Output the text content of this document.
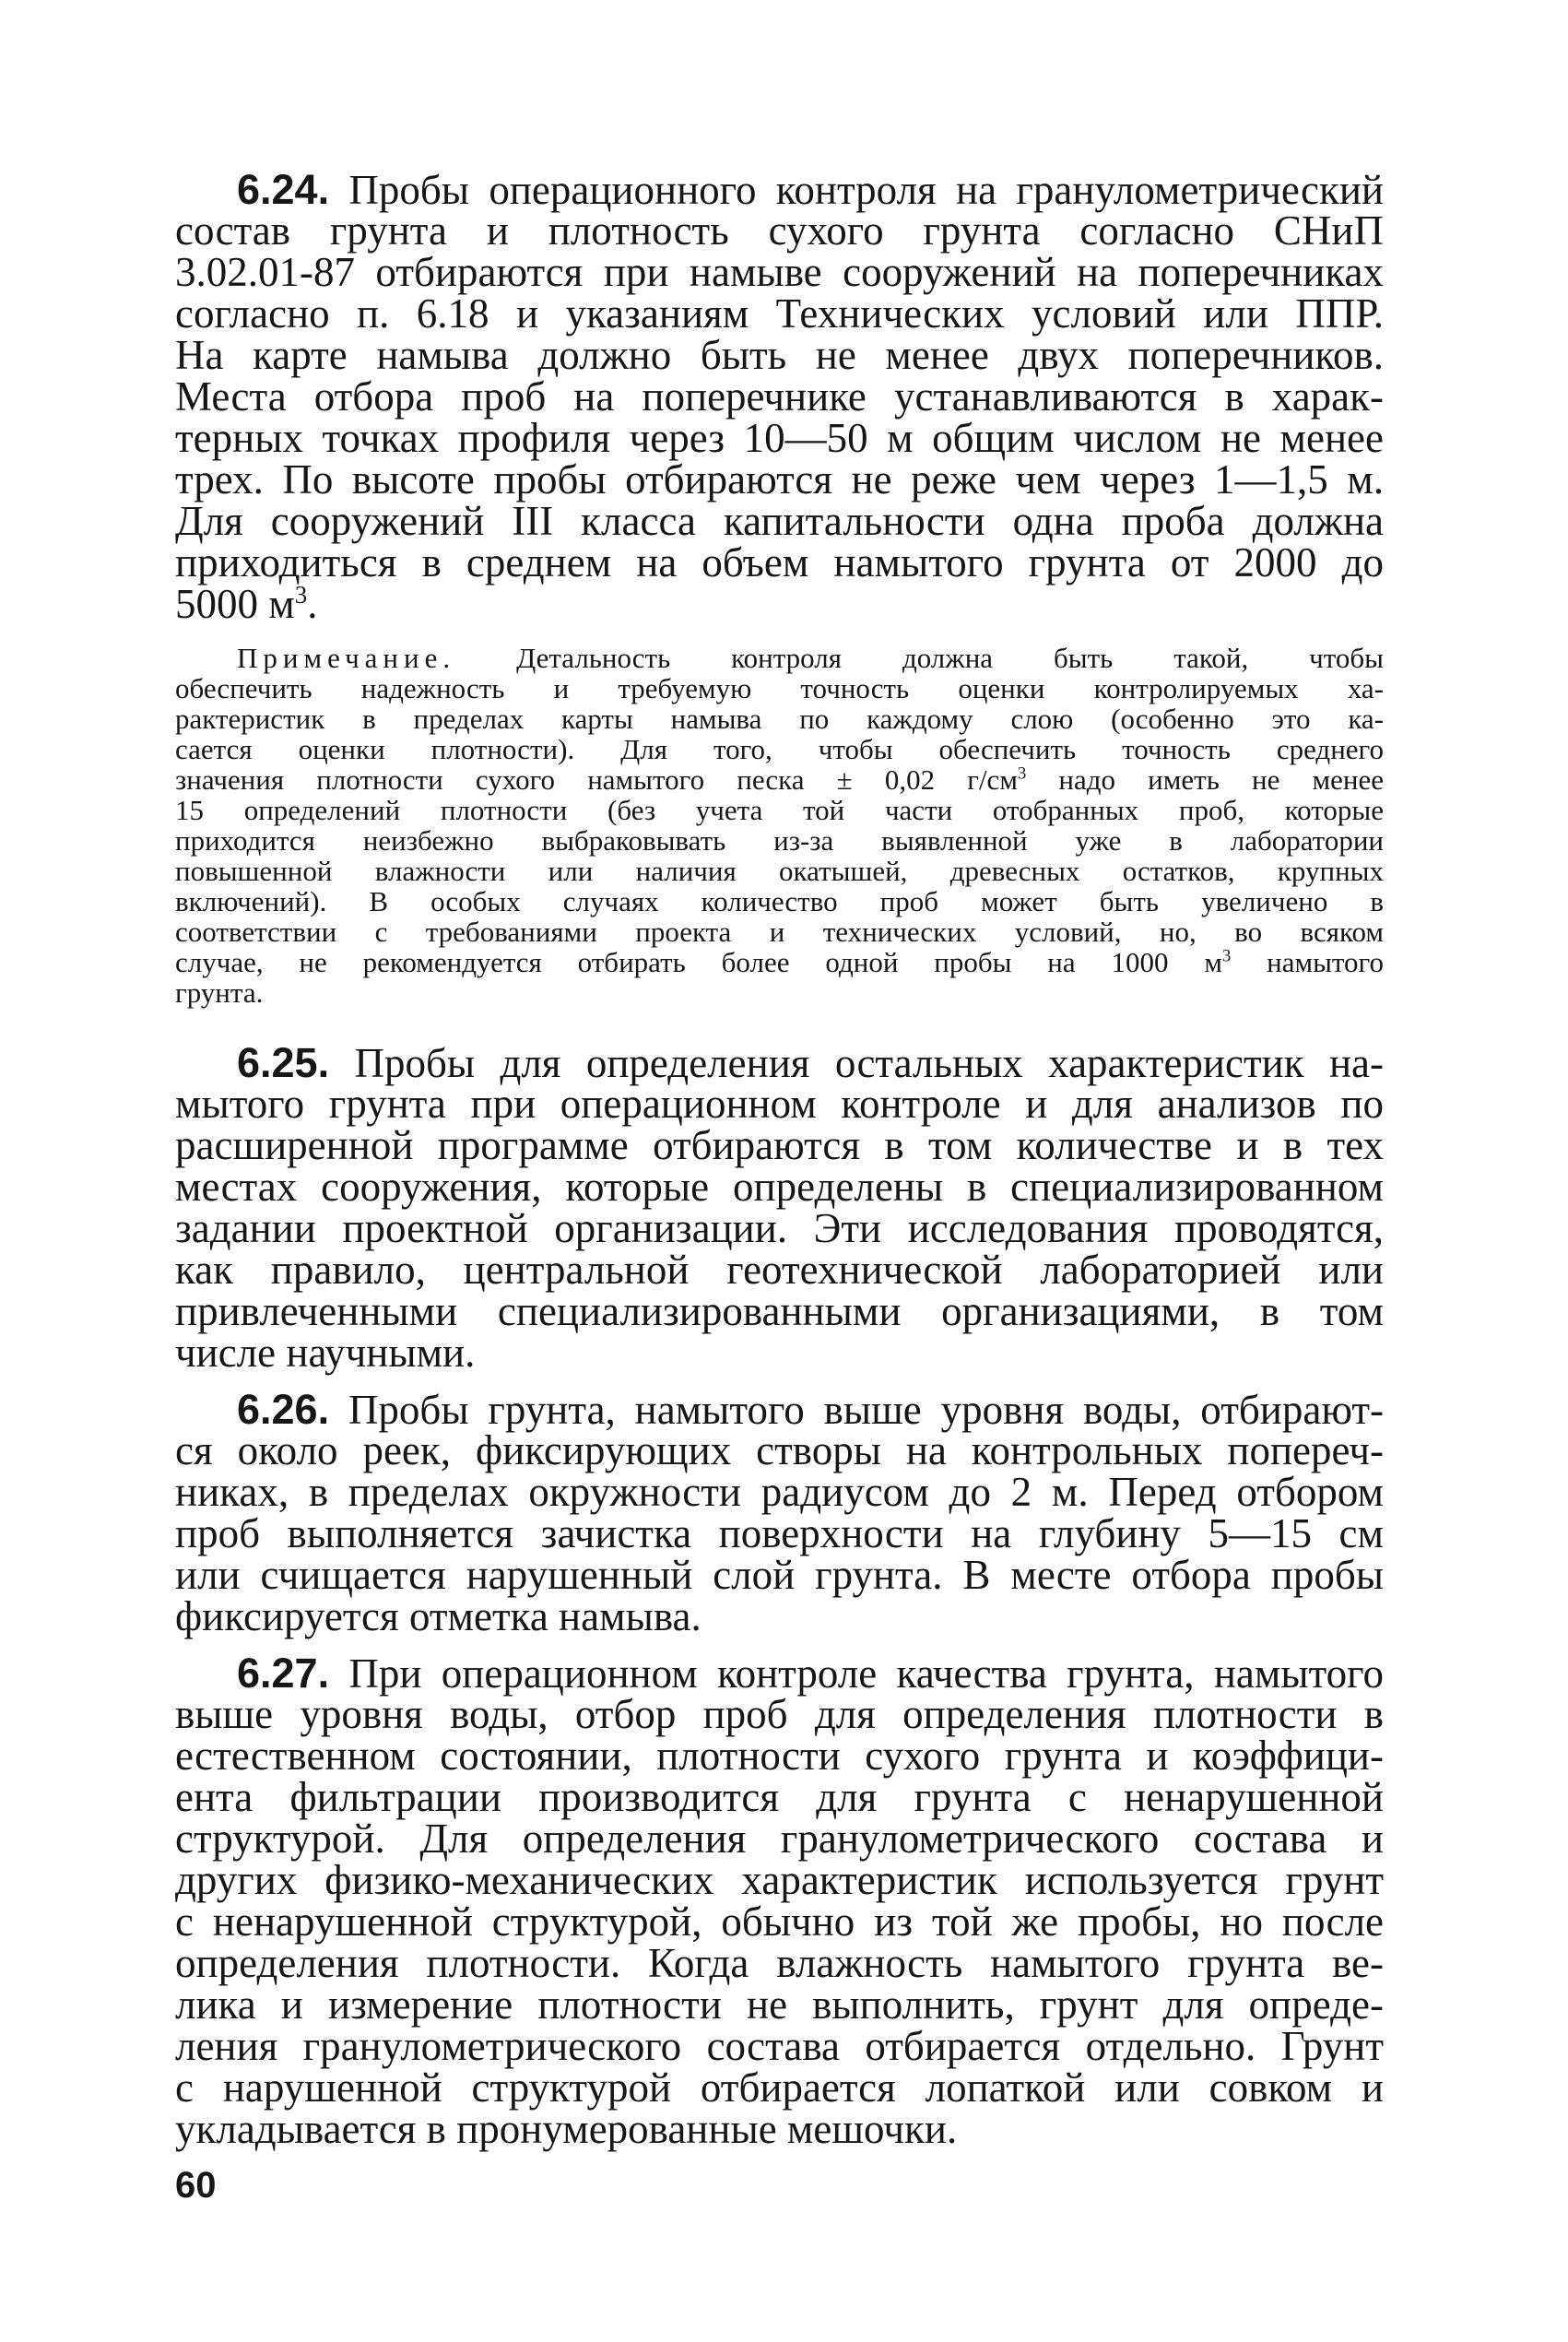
6.24. Пробы операционного контроля на гранулометрический
состав грунта и плотность сухого грунта согласно СНиП
3.02.01-87 отбираются при намыве сооружений на поперечниках
согласно п. 6.18 и указаниям Технических условий или ППР.
На карте намыва должно быть не менее двух поперечников.
Места отбора проб на поперечнике устанавливаются в харак-
терных точках профиля через 10—50 м общим числом не менее
трех. По высоте пробы отбираются не реже чем через 1—1,5 м.
Для сооружений III класса капитальности одна проба должна
приходиться в среднем на объем намытого грунта от 2000 до
5000 $м^3$.
Примечание. Детальность контроля должна быть такой, чтобы
обеспечить надежность и требуемую точность оценки контролируемых ха-
рактеристик в пределах карты намыва по каждому слою (особенно это ка-
сается оценки плотности). Для того, чтобы обеспечить точность среднего
значения плотности сухого намытого песка ± 0,02 $г/см^3$ надо иметь не менее
15 определений плотности (без учета той части отобранных проб, которые
приходится неизбежно выбраковывать из-за выявленной уже в лаборатории
повышенной влажности или наличия окатышей, древесных остатков, крупных
включений). В особых случаях количество проб может быть увеличено в
соответствии с требованиями проекта и технических условий, но, во всяком
случае, не рекомендуется отбирать более одной пробы на 1000 $м^3$ намытого
грунта.
6.25. Пробы для определения остальных характеристик на-
мытого грунта при операционном контроле и для анализов по
расширенной программе отбираются в том количестве и в тех
местах сооружения, которые определены в специализированном
задании проектной организации. Эти исследования проводятся,
как правило, центральной геотехнической лабораторией или
привлеченными специализированными организациями, в том
числе научными.
6.26. Пробы грунта, намытого выше уровня воды, отбирают-
ся около реек, фиксирующих створы на контрольных попереч-
никах, в пределах окружности радиусом до 2 м. Перед отбором
проб выполняется зачистка поверхности на глубину 5—15 см
или счищается нарушенный слой грунта. В месте отбора пробы
фиксируется отметка намыва.
6.27. При операционном контроле качества грунта, намытого
выше уровня воды, отбор проб для определения плотности в
естественном состоянии, плотности сухого грунта и коэффици-
ента фильтрации производится для грунта с ненарушенной
структурой. Для определения гранулометрического состава и
других физико-механических характеристик используется грунт
с ненарушенной структурой, обычно из той же пробы, но после
определения плотности. Когда влажность намытого грунта ве-
лика и измерение плотности не выполнить, грунт для опреде-
ления гранулометрического состава отбирается отдельно. Грунт
с нарушенной структурой отбирается лопаткой или совком и
укладывается в пронумерованные мешочки.
60
